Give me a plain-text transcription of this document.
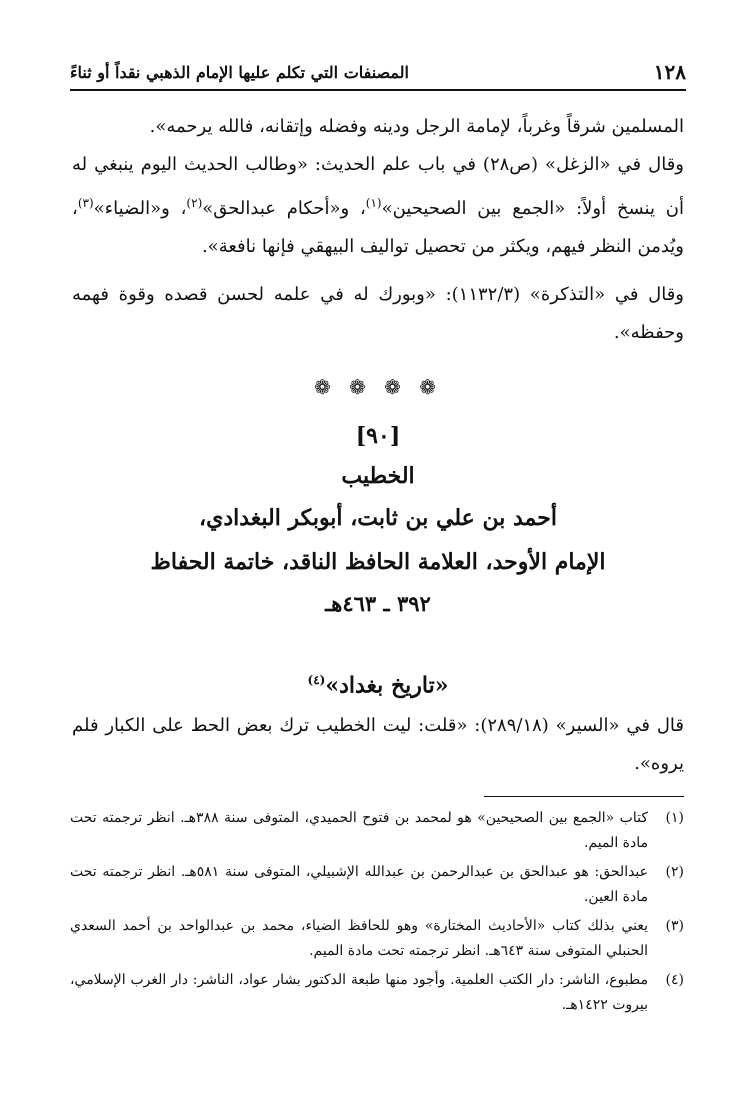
١٢٨
المصنفات التي تكلم عليها الإمام الذهبي نقداً أو ثناءً

المسلمين شرقاً وغرباً، لإمامة الرجل ودينه وفضله وإتقانه، فالله يرحمه».

وقال في «الزغل» (ص٢٨) في باب علم الحديث: «وطالب الحديث اليوم ينبغي له أن ينسخ أولاً: «الجمع بين الصحيحين»$^{(١)}$، و«أحكام عبدالحق»$^{(٢)}$، و«الضياء»$^{(٣)}$، ويُدمن النظر فيهم، ويكثر من تحصيل تواليف البيهقي فإنها نافعة».

وقال في «التذكرة» (١١٣٢/٣): «وبورك له في علمه لحسن قصده وقوة فهمه وحفظه».

❁ ❁ ❁ ❁
[٩٠]
الخطيب
أحمد بن علي بن ثابت، أبوبكر البغدادي،
الإمام الأوحد، العلامة الحافظ الناقد، خاتمة الحفاظ
٣٩٢ ـ ٤٦٣هـ
«تاريخ بغداد»$^{(٤)}$

قال في «السير» (٢٨٩/١٨): «قلت: ليت الخطيب ترك بعض الحط على الكبار فلم يروه».

(١)
كتاب «الجمع بين الصحيحين» هو لمحمد بن فتوح الحميدي، المتوفى سنة ٣٨٨هـ. انظر ترجمته تحت مادة الميم.
(٢)
عبدالحق: هو عبدالحق بن عبدالرحمن بن عبدالله الإشبيلي، المتوفى سنة ٥٨١هـ. انظر ترجمته تحت مادة العين.
(٣)
يعني بذلك كتاب «الأحاديث المختارة» وهو للحافظ الضياء، محمد بن عبدالواحد بن أحمد السعدي الحنبلي المتوفى سنة ٦٤٣هـ. انظر ترجمته تحت مادة الميم.
(٤)
مطبوع، الناشر: دار الكتب العلمية. وأجود منها طبعة الدكتور بشار عواد، الناشر: دار الغرب الإسلامي، بيروت ١٤٢٢هـ.
